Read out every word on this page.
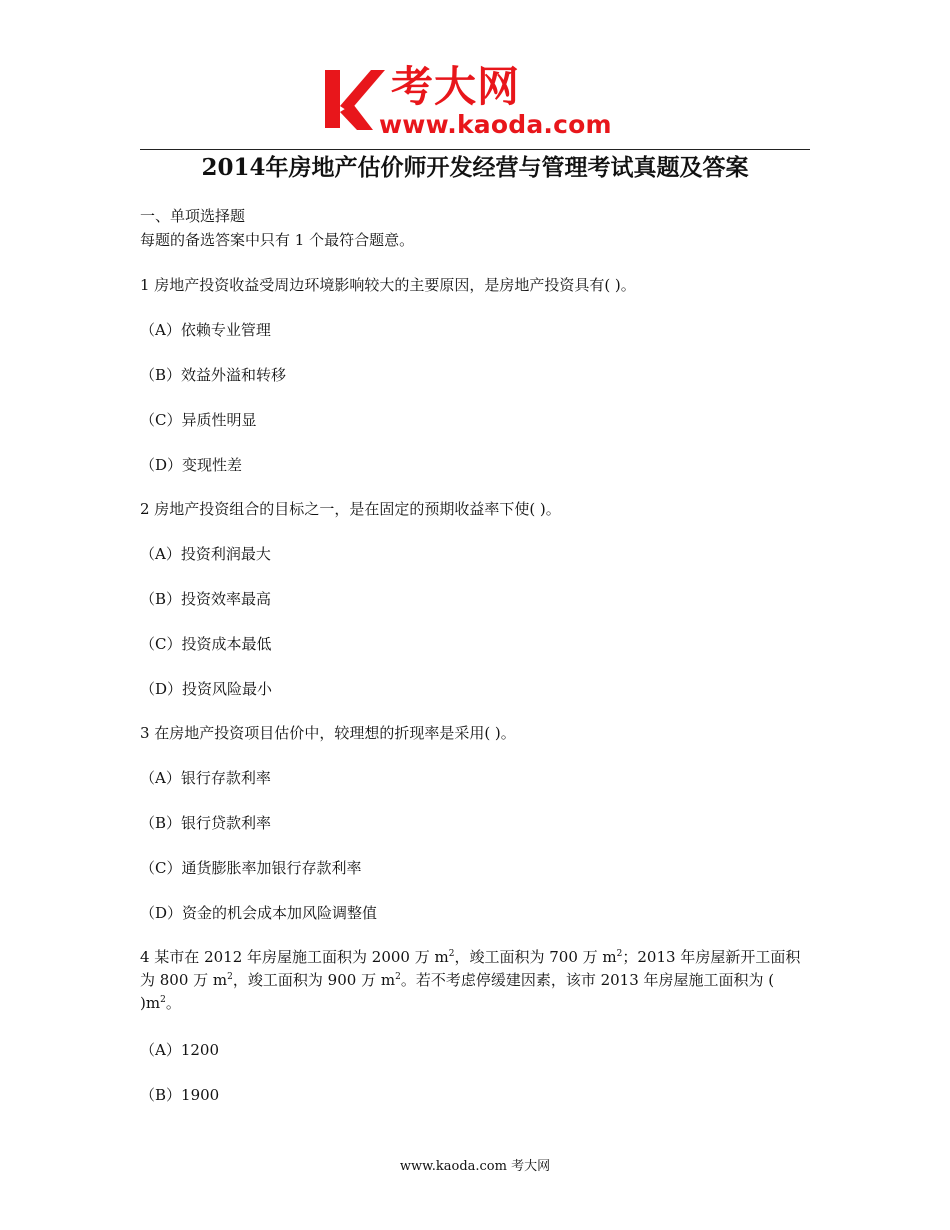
考大网
www.kaoda.com
2014年房地产估价师开发经营与管理考试真题及答案
一、单项选择题
每题的备选答案中只有 1 个最符合题意。
1 房地产投资收益受周边环境影响较大的主要原因，是房地产投资具有( )。
（A）依赖专业管理
（B）效益外溢和转移
（C）异质性明显
（D）变现性差
2 房地产投资组合的目标之一，是在固定的预期收益率下使( )。
（A）投资利润最大
（B）投资效率最高
（C）投资成本最低
（D）投资风险最小
3 在房地产投资项目估价中，较理想的折现率是采用( )。
（A）银行存款利率
（B）银行贷款利率
（C）通货膨胀率加银行存款利率
（D）资金的机会成本加风险调整值
4 某市在 2012 年房屋施工面积为 2000 万 $m^2$，竣工面积为 700 万 $m^2$；2013 年房屋新开工面积为 800 万 $m^2$，竣工面积为 900 万 $m^2$。若不考虑停缓建因素，该市 2013 年房屋施工面积为 ( )$m^2$。
（A）1200
（B）1900
www.kaoda.com 考大网
